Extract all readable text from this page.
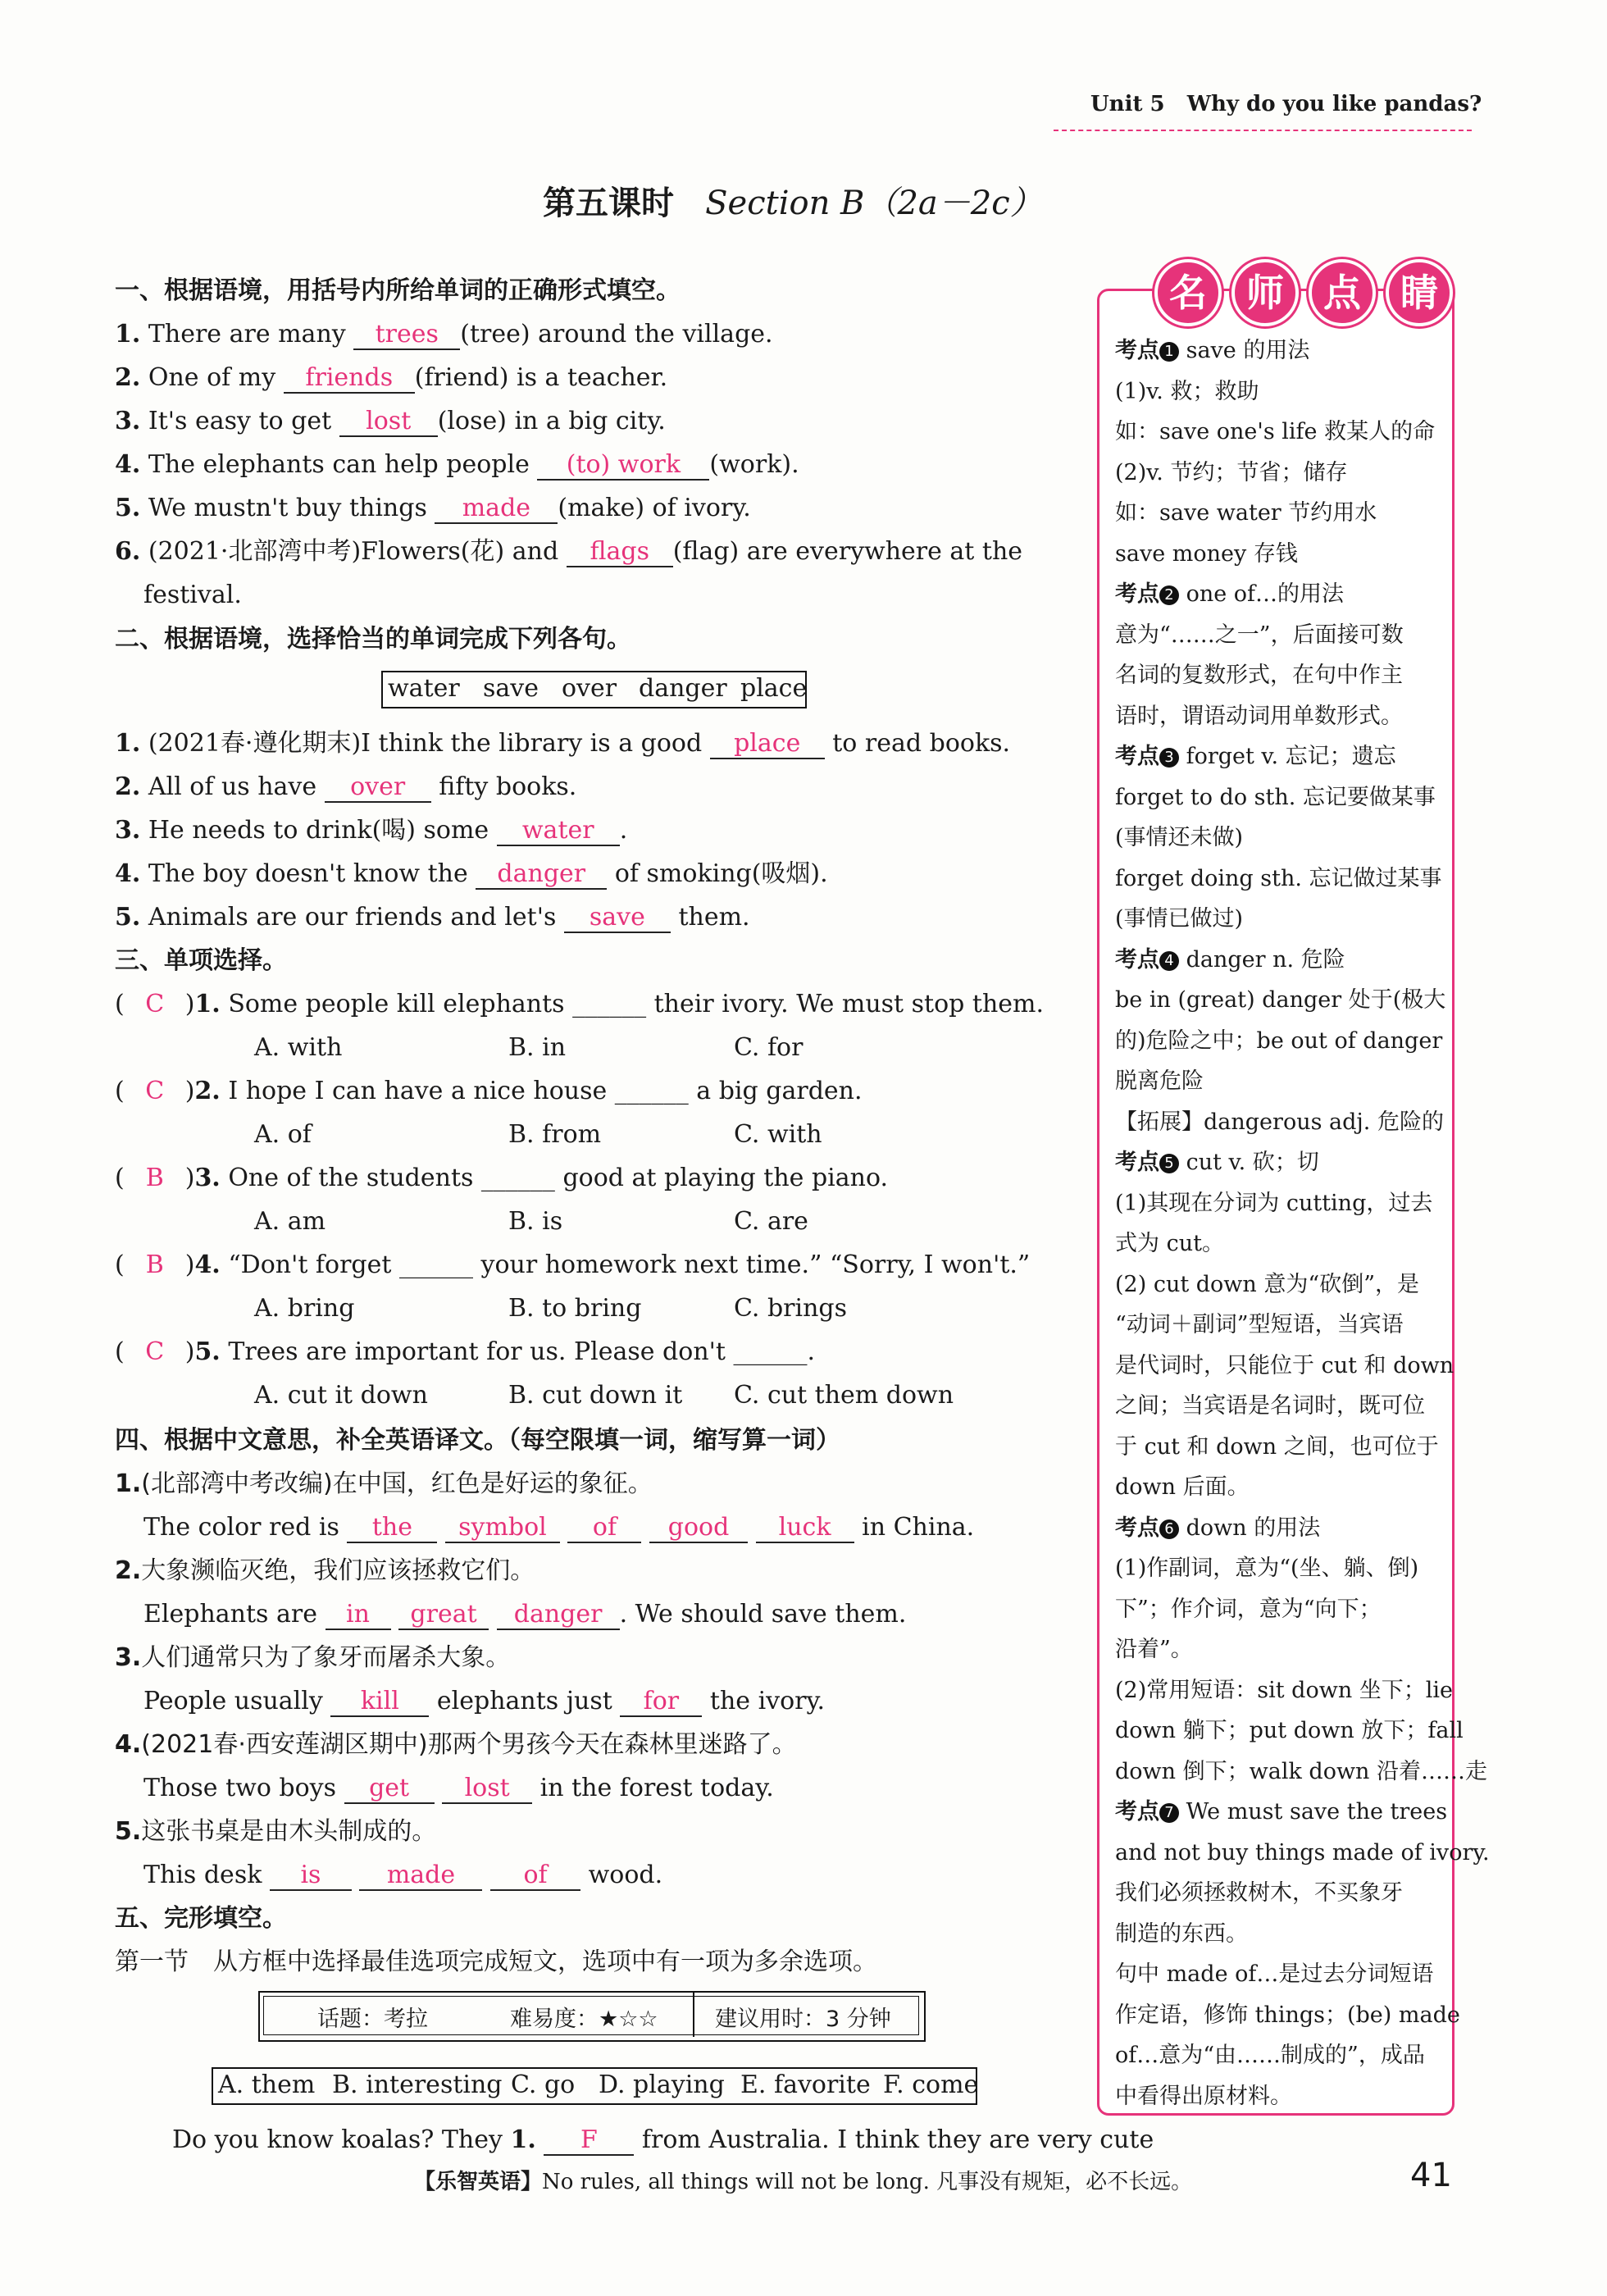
Unit 5 Why do you like pandas?
第五课时 Section B（2a－2c）
一、根据语境，用括号内所给单词的正确形式填空。
1. There are many trees (tree) around the village.
2. One of my friends (friend) is a teacher.
3. It's easy to get lost (lose) in a big city.
4. The elephants can help people (to) work (work).
5. We mustn't buy things made (make) of ivory.
6. (2021·北部湾中考)Flowers(花) and flags (flag) are everywhere at the
festival.
二、根据语境，选择恰当的单词完成下列各句。
water save over danger place
1. (2021春·遵化期末)I think the library is a good place to read books.
2. All of us have over fifty books.
3. He needs to drink(喝) some water .
4. The boy doesn't know the danger of smoking(吸烟).
5. Animals are our friends and let's save them.
三、单项选择。
( C )1. Some people kill elephants ______ their ivory. We must stop them.
A. with	B. in	C. for
( C )2. I hope I can have a nice house ______ a big garden.
A. of	B. from	C. with
( B )3. One of the students ______ good at playing the piano.
A. am	B. is	C. are
( B )4. “Don't forget ______ your homework next time.” “Sorry, I won't.”
A. bring	B. to bring	C. brings
( C )5. Trees are important for us. Please don't ______.
A. cut it down	B. cut down it C. cut them down
四、根据中文意思，补全英语译文。（每空限填一词，缩写算一词）
1.(北部湾中考改编)在中国，红色是好运的象征。
The color red is the symbol of good luck in China.
2.大象濒临灭绝，我们应该拯救它们。
Elephants are in great danger . We should save them.
3.人们通常只为了象牙而屠杀大象。
People usually kill elephants just for the ivory.
4.(2021春·西安莲湖区期中)那两个男孩今天在森林里迷路了。
Those two boys get lost in the forest today.
5.这张书桌是由木头制成的。
This desk is	made	of wood.
五、完形填空。
第一节　从方框中选择最佳选项完成短文，选项中有一项为多余选项。
话题：考拉	难易度：★☆☆	建议用时：3 分钟
A. them B. interesting C. go D. playing E. favorite F. come
Do you know koalas? They 1. F from Australia. I think they are very cute
名	师	点	睛
考点 1 save 的用法
(1)v. 救；救助
如：save one's life 救某人的命
(2)v. 节约；节省；储存
如：save water 节约用水
save money 存钱
考点 2 one of…的用法
意为“……之一”，后面接可数
名词的复数形式，在句中作主
语时，谓语动词用单数形式。
考点 3 forget v. 忘记；遗忘
forget to do sth. 忘记要做某事
(事情还未做)
forget doing sth. 忘记做过某事
(事情已做过)
考点 4 danger n. 危险
be in (great) danger 处于(极大
的)危险之中；be out of danger
脱离危险
【拓展】dangerous adj. 危险的
考点 5 cut v. 砍；切
(1)其现在分词为 cutting，过去
式为 cut。
(2) cut down 意为“砍倒”，是
“动词＋副词”型短语，当宾语
是代词时，只能位于 cut 和 down
之间；当宾语是名词时，既可位
于 cut 和 down 之间，也可位于
down 后面。
考点 6 down 的用法
(1)作副词，意为“(坐、躺、倒)
下”；作介词，意为“向下；
沿着”。
(2)常用短语：sit down 坐下；lie
down 躺下；put down 放下；fall
down 倒下；walk down 沿着……走
考点 7 We must save the trees
and not buy things made of ivory.
我们必须拯救树木，不买象牙
制造的东西。
句中 made of…是过去分词短语
作定语，修饰 things；(be) made
of…意为“由……制成的”，成品
中看得出原材料。
【乐智英语】No rules, all things will not be long. 凡事没有规矩，必不长远。	41
